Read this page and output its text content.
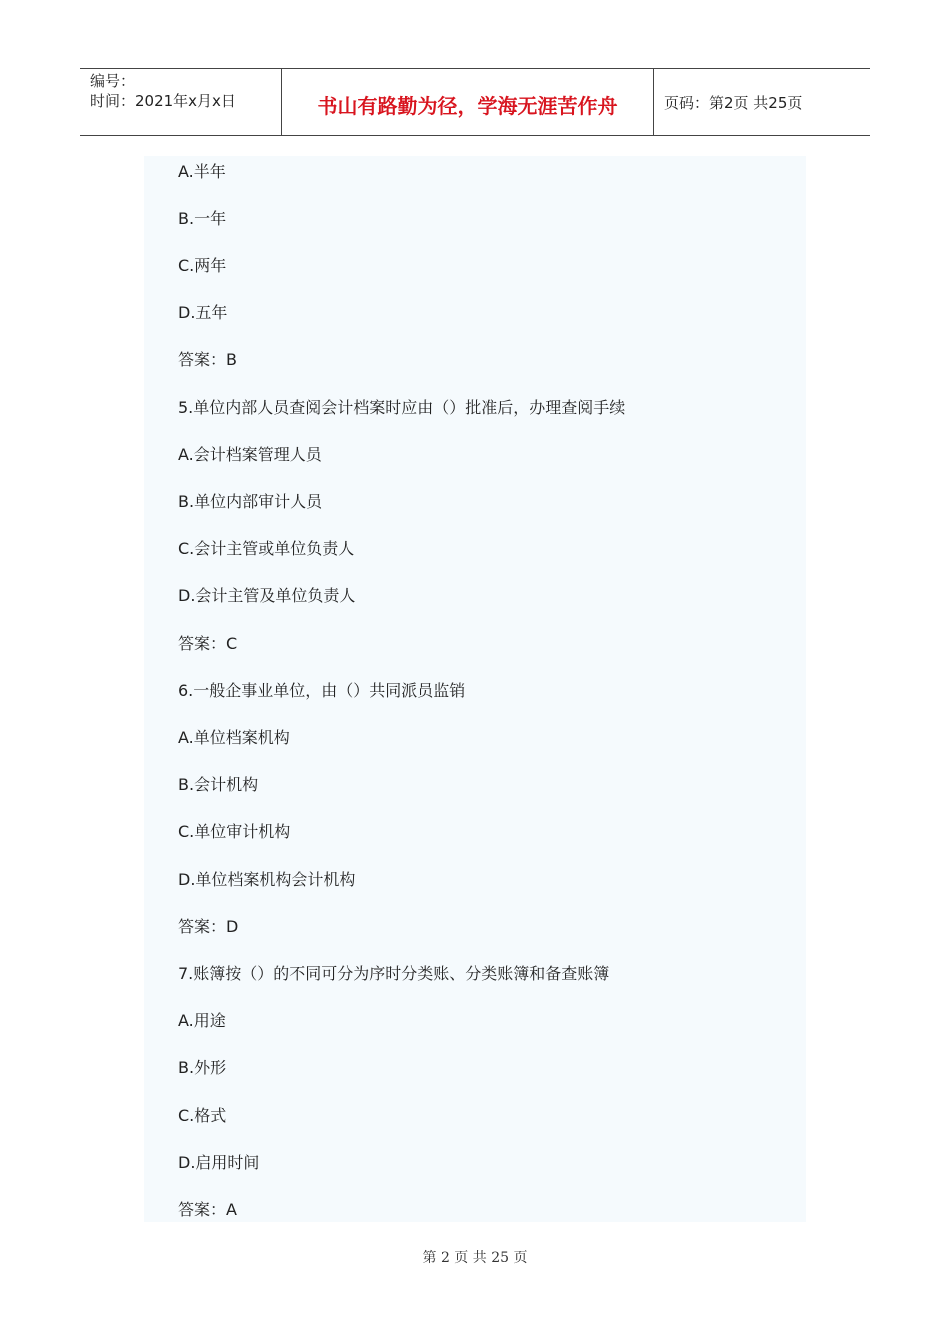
编号：
时间：2021年x月x日	书山有路勤为径，学海无涯苦作舟	页码：第2页 共25页
A.半年
B.一年
C.两年
D.五年
答案：B
5.单位内部人员查阅会计档案时应由（）批准后，办理查阅手续
A.会计档案管理人员
B.单位内部审计人员
C.会计主管或单位负责人
D.会计主管及单位负责人
答案：C
6.一般企事业单位，由（）共同派员监销
A.单位档案机构
B.会计机构
C.单位审计机构
D.单位档案机构会计机构
答案：D
7.账簿按（）的不同可分为序时分类账、分类账簿和备查账簿
A.用途
B.外形
C.格式
D.启用时间
答案：A
第 2 页 共 25 页
